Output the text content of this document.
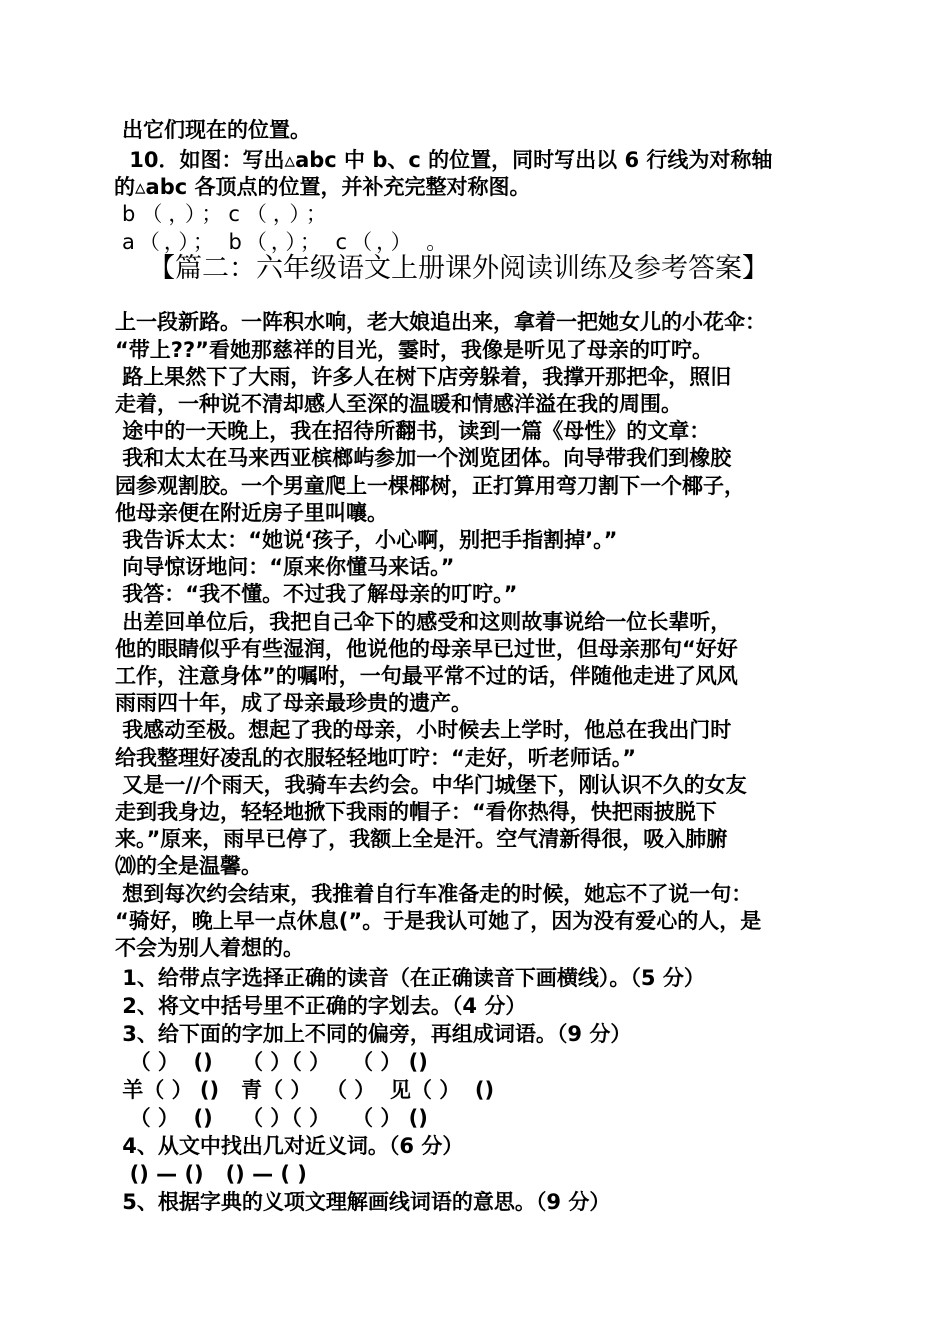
出它们现在的位置。
10．如图：写出▵abc 中 b、c 的位置，同时写出以 6 行线为对称轴
的▵abc 各顶点的位置，并补充完整对称图。
b（，）；c（，）；
a（，）； b（，）； c（，） 。
【篇二：六年级语文上册课外阅读训练及参考答案】
上一段新路。一阵积水响，老大娘追出来，拿着一把她女儿的小花伞：
“带上??”看她那慈祥的目光，霎时，我像是听见了母亲的叮咛。
路上果然下了大雨，许多人在树下店旁躲着，我撑开那把伞，照旧
走着，一种说不清却感人至深的温暖和情感洋溢在我的周围。
途中的一天晚上，我在招待所翻书，读到一篇《母性》的文章：
我和太太在马来西亚槟榔屿参加一个浏览团体。向导带我们到橡胶
园参观割胶。一个男童爬上一棵椰树，正打算用弯刀割下一个椰子，
他母亲便在附近房子里叫嚷。
我告诉太太：“她说‘孩子，小心啊，别把手指割掉’。”
向导惊讶地问：“原来你懂马来话。”
我答：“我不懂。不过我了解母亲的叮咛。”
出差回单位后，我把自己伞下的感受和这则故事说给一位长辈听，
他的眼睛似乎有些湿润，他说他的母亲早已过世，但母亲那句“好好
工作，注意身体”的嘱咐，一句最平常不过的话，伴随他走进了风风
雨雨四十年，成了母亲最珍贵的遗产。
我感动至极。想起了我的母亲，小时候去上学时，他总在我出门时
给我整理好凌乱的衣服轻轻地叮咛：“走好，听老师话。”
又是一//个雨天，我骑车去约会。中华门城堡下，刚认识不久的女友
走到我身边，轻轻地掀下我雨的帽子：“看你热得，快把雨披脱下
来。”原来，雨早已停了，我额上全是汗。空气清新得很，吸入肺腑
⒇的全是温馨。
想到每次约会结束，我推着自行车准备走的时候，她忘不了说一句：
“骑好，晚上早一点休息(”。于是我认可她了，因为没有爱心的人，是
不会为别人着想的。
1、给带点字选择正确的读音（在正确读音下画横线）。（5 分）
2、将文中括号里不正确的字划去。（4 分）
3、给下面的字加上不同的偏旁，再组成词语。（9 分）
（ ）  ()    （ ）（ ）   （ ） ()
羊（ ） ()   青（ ）  （ ）  见（ ）  ()
（ ）  ()    （ ）（ ）   （ ） ()
4、从文中找出几对近义词。（6 分）
() — ()   () — ( )
5、根据字典的义项文理解画线词语的意思。（9 分）
